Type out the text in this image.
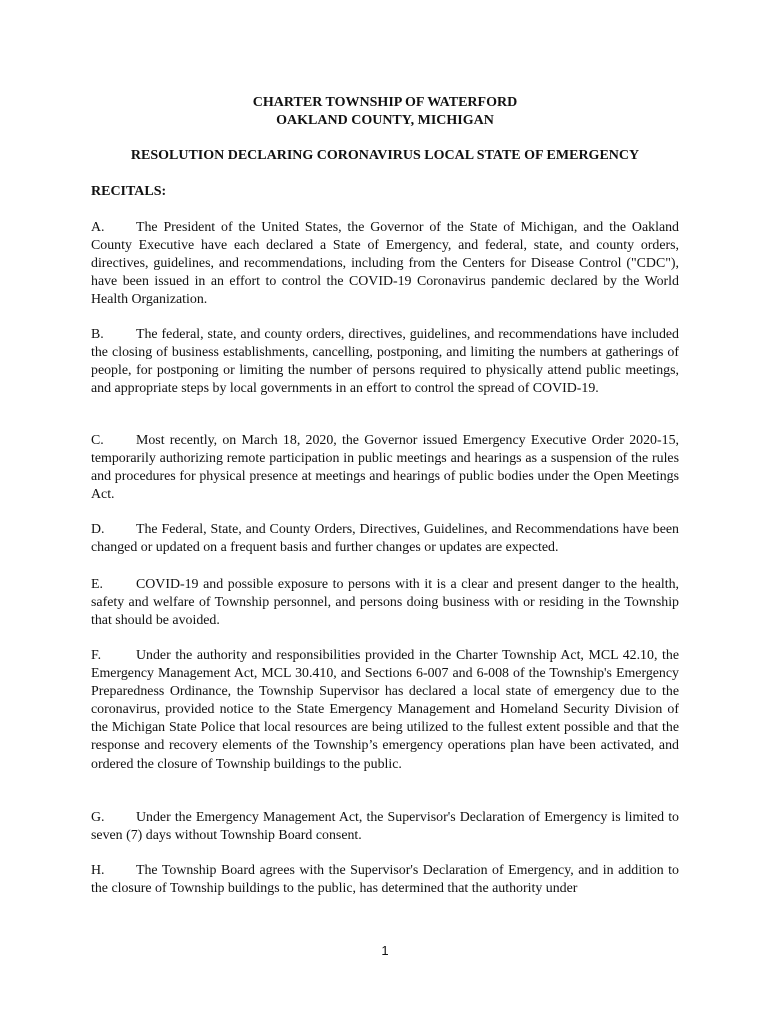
CHARTER TOWNSHIP OF WATERFORD

OAKLAND COUNTY, MICHIGAN

RESOLUTION DECLARING CORONAVIRUS LOCAL STATE OF EMERGENCY

RECITALS:

A. The President of the United States, the Governor of the State of Michigan, and the Oakland County Executive have each declared a State of Emergency, and federal, state, and county orders, directives, guidelines, and recommendations, including from the Centers for Disease Control ("CDC"), have been issued in an effort to control the COVID-19 Coronavirus pandemic declared by the World Health Organization.

B. The federal, state, and county orders, directives, guidelines, and recommendations have included the closing of business establishments, cancelling, postponing, and limiting the numbers at gatherings of people, for postponing or limiting the number of persons required to physically attend public meetings, and appropriate steps by local governments in an effort to control the spread of COVID-19.

C. Most recently, on March 18, 2020, the Governor issued Emergency Executive Order 2020-15, temporarily authorizing remote participation in public meetings and hearings as a suspension of the rules and procedures for physical presence at meetings and hearings of public bodies under the Open Meetings Act.

D. The Federal, State, and County Orders, Directives, Guidelines, and Recommendations have been changed or updated on a frequent basis and further changes or updates are expected.

E. COVID-19 and possible exposure to persons with it is a clear and present danger to the health, safety and welfare of Township personnel, and persons doing business with or residing in the Township that should be avoided.

F.	Under the authority and responsibilities provided in the Charter Township Act, MCL 42.10, the Emergency Management Act, MCL 30.410, and Sections 6-007 and 6-008 of the Township's Emergency Preparedness Ordinance, the Township Supervisor has declared a local state of emergency due to the coronavirus, provided notice to the State Emergency Management and Homeland Security Division of the Michigan State Police that local resources are being utilized to the fullest extent possible and that the response and recovery elements of the Township’s emergency operations plan have been activated, and ordered the closure of Township buildings to the public.

G. Under the Emergency Management Act, the Supervisor's Declaration of Emergency is limited to seven (7) days without Township Board consent.

H. The Township Board agrees with the Supervisor's Declaration of Emergency, and in addition to the closure of Township buildings to the public, has determined that the authority under

1
